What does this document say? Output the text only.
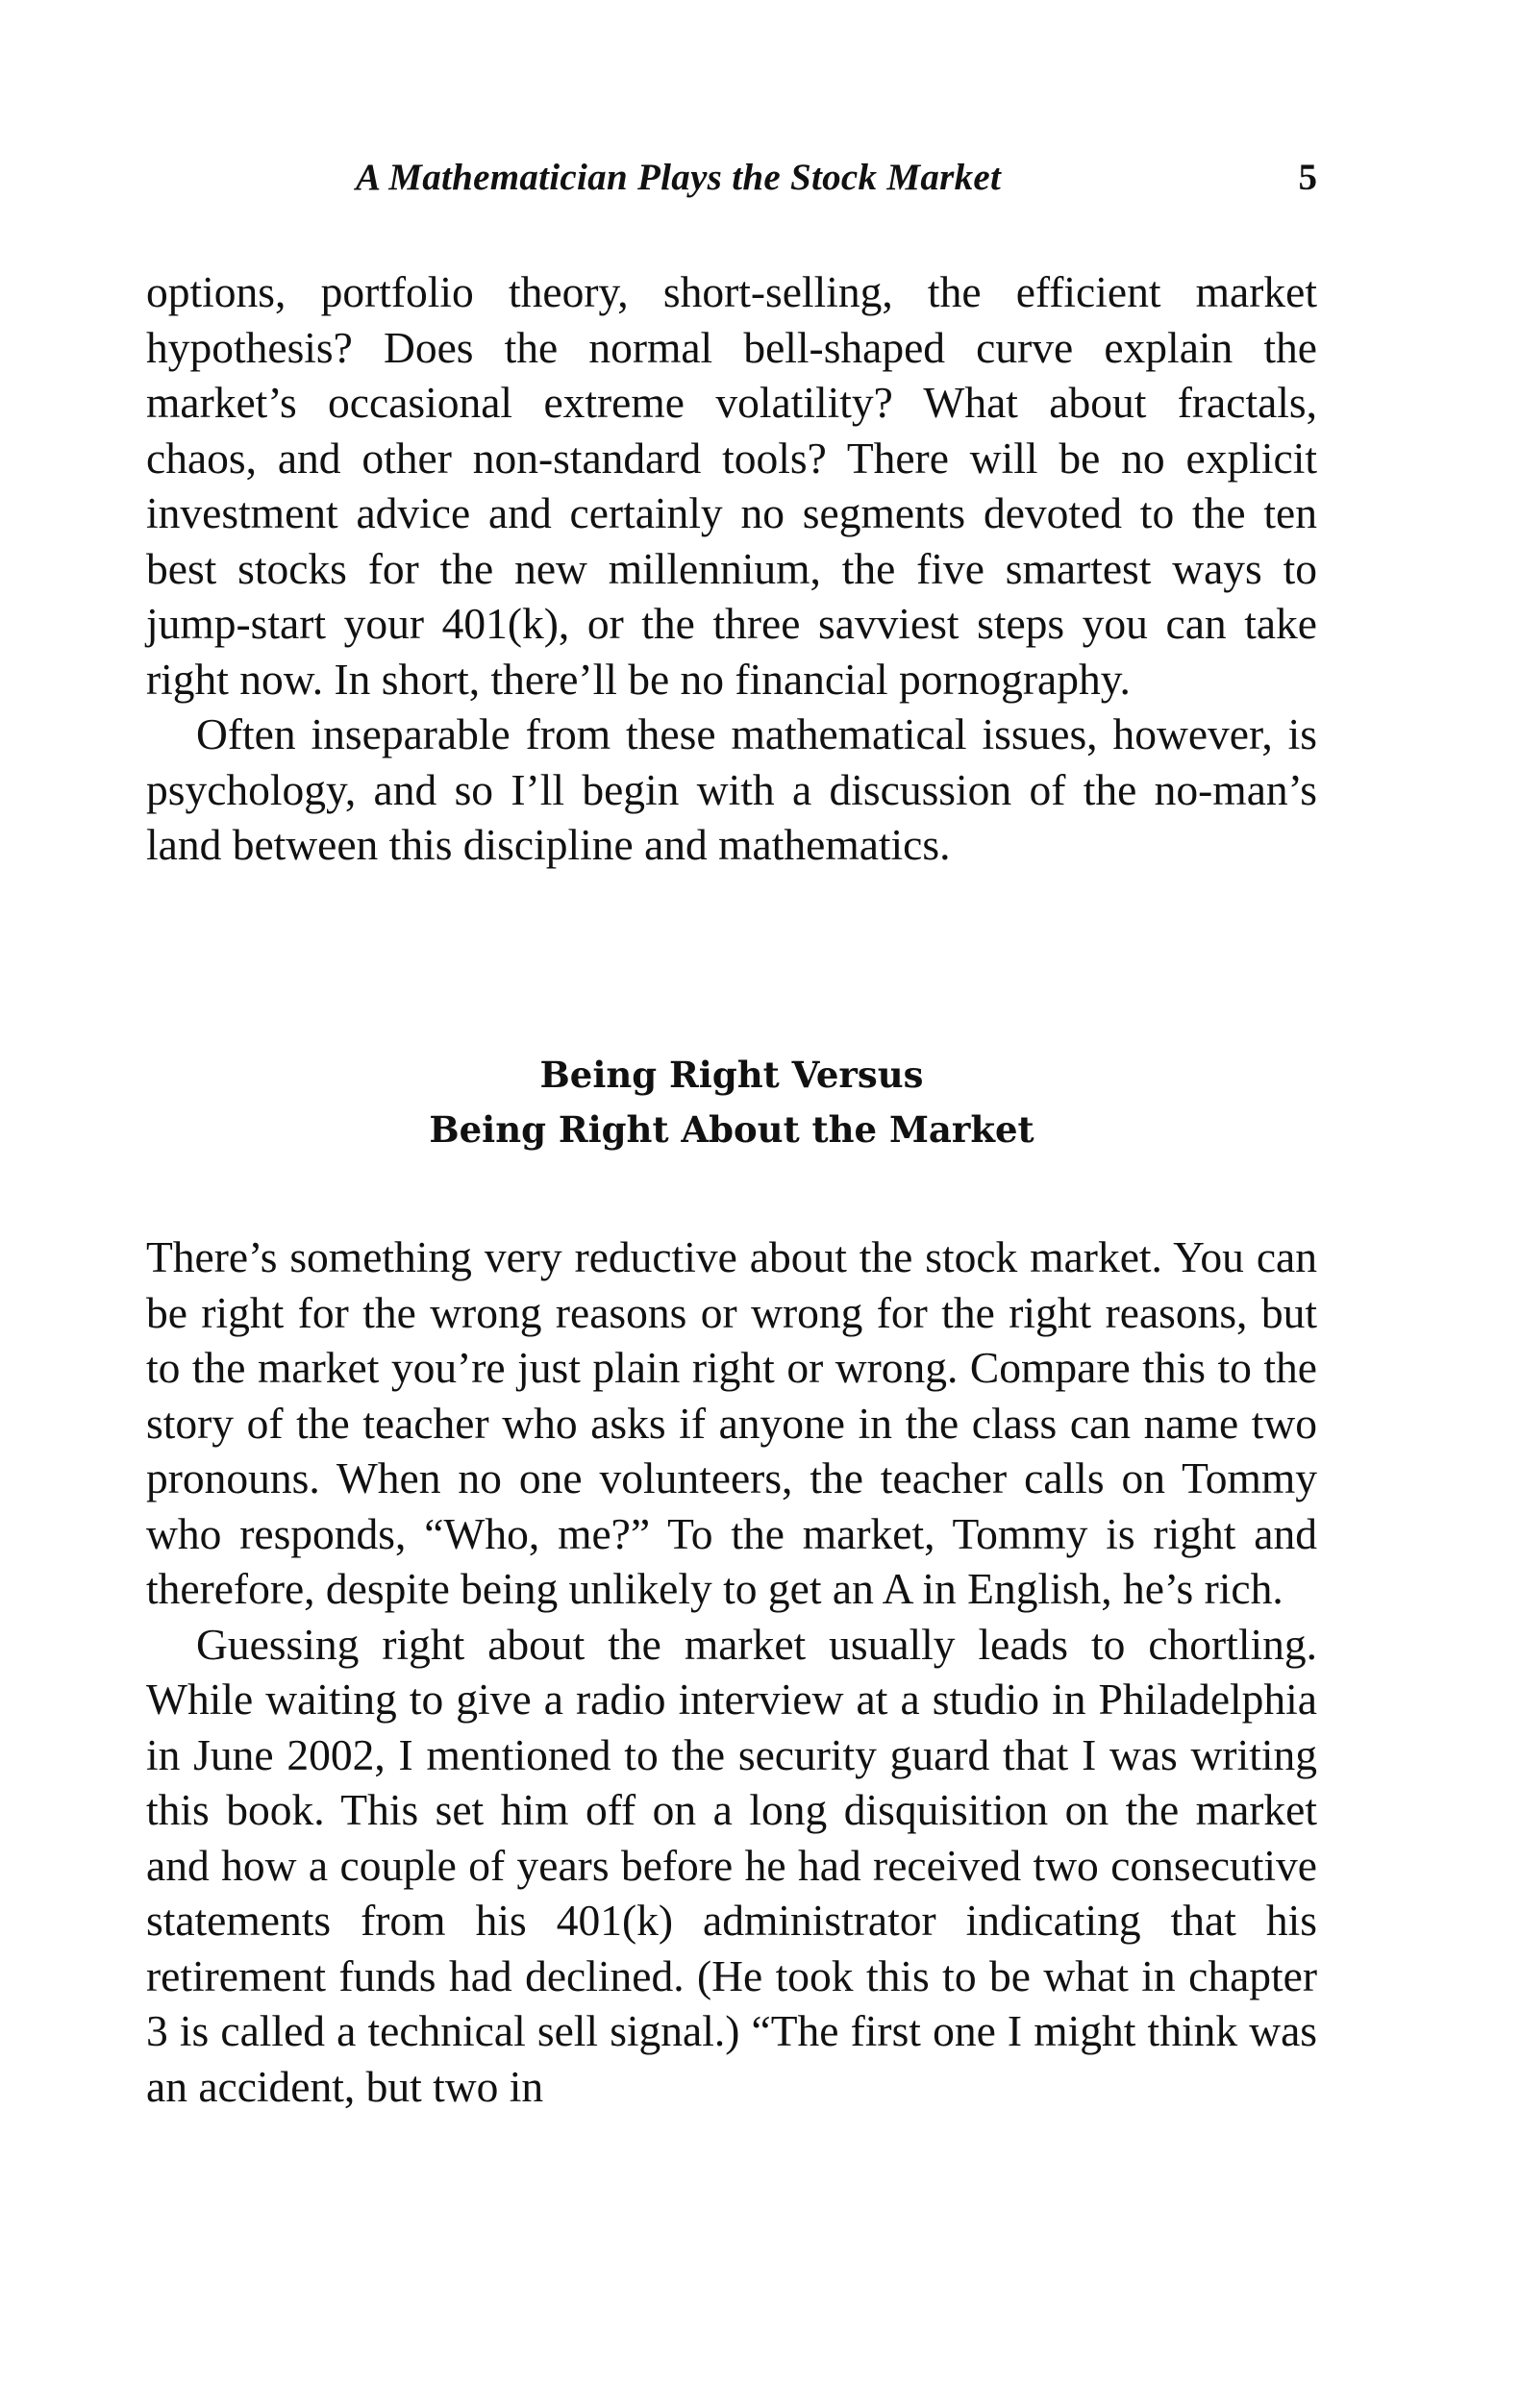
A Mathematician Plays the Stock Market	5

options, portfolio theory, short-selling, the efficient market hypothesis? Does the normal bell-shaped curve explain the market’s occasional extreme volatility? What about fractals, chaos, and other non-standard tools? There will be no explicit investment advice and certainly no segments devoted to the ten best stocks for the new millennium, the five smartest ways to jump-start your 401(k), or the three savviest steps you can take right now. In short, there’ll be no financial pornography.

Often inseparable from these mathematical issues, however, is psychology, and so I’ll begin with a discussion of the no-man’s land between this discipline and mathematics.

Being Right Versus
Being Right About the Market

There’s something very reductive about the stock market. You can be right for the wrong reasons or wrong for the right reasons, but to the market you’re just plain right or wrong. Compare this to the story of the teacher who asks if anyone in the class can name two pronouns. When no one volunteers, the teacher calls on Tommy who responds, “Who, me?” To the market, Tommy is right and therefore, despite being unlikely to get an A in English, he’s rich.

Guessing right about the market usually leads to chortling. While waiting to give a radio interview at a studio in Philadelphia in June 2002, I mentioned to the security guard that I was writing this book. This set him off on a long disquisition on the market and how a couple of years before he had received two consecutive statements from his 401(k) administrator indicating that his retirement funds had declined. (He took this to be what in chapter 3 is called a technical sell signal.) “The first one I might think was an accident, but two in
